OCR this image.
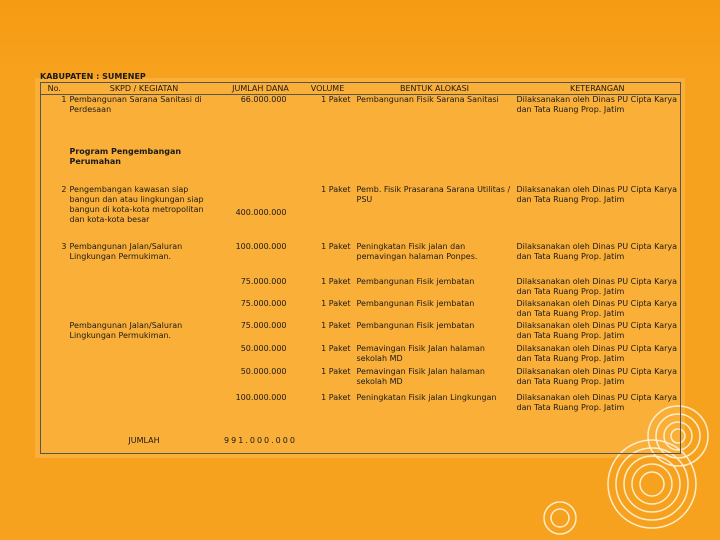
KABUPATEN : SUMENEP
No.	SKPD / KEGIATAN	JUMLAH DANA	VOLUME	BENTUK ALOKASI	KETERANGAN
1	Pembangunan Sarana Sanitasi di Perdesaan	66.000.000	1 Paket	Pembangunan Fisik Sarana Sanitasi	Dilaksanakan oleh Dinas PU Cipta Karya dan Tata Ruang Prop. Jatim
	Program Pengembangan Perumahan				
2	Pengembangan kawasan siap bangun dan atau lingkungan siap bangun di kota-kota metropolitan dan kota-kota besar	400.000.000	1 Paket	Pemb. Fisik Prasarana Sarana Utilitas / PSU	Dilaksanakan oleh Dinas PU Cipta Karya dan Tata Ruang Prop. Jatim
3	Pembangunan Jalan/Saluran Lingkungan Permukiman.	100.000.000	1 Paket	Peningkatan Fisik jalan dan pemavingan halaman Ponpes.	Dilaksanakan oleh Dinas PU Cipta Karya dan Tata Ruang Prop. Jatim
		75.000.000	1 Paket	Pembangunan Fisik jembatan	Dilaksanakan oleh Dinas PU Cipta Karya dan Tata Ruang Prop. Jatim
		75.000.000	1 Paket	Pembangunan Fisik jembatan	Dilaksanakan oleh Dinas PU Cipta Karya dan Tata Ruang Prop. Jatim
	Pembangunan Jalan/Saluran Lingkungan Permukiman.	75.000.000	1 Paket	Pembangunan Fisik jembatan	Dilaksanakan oleh Dinas PU Cipta Karya dan Tata Ruang Prop. Jatim
		50.000.000	1 Paket	Pemavingan Fisik Jalan halaman sekolah MD	Dilaksanakan oleh Dinas PU Cipta Karya dan Tata Ruang Prop. Jatim
		50.000.000	1 Paket	Pemavingan Fisik Jalan halaman sekolah MD	Dilaksanakan oleh Dinas PU Cipta Karya dan Tata Ruang Prop. Jatim
		100.000.000	1 Paket	Peningkatan Fisik jalan Lingkungan	Dilaksanakan oleh Dinas PU Cipta Karya dan Tata Ruang Prop. Jatim
	JUMLAH	991.000.000			
